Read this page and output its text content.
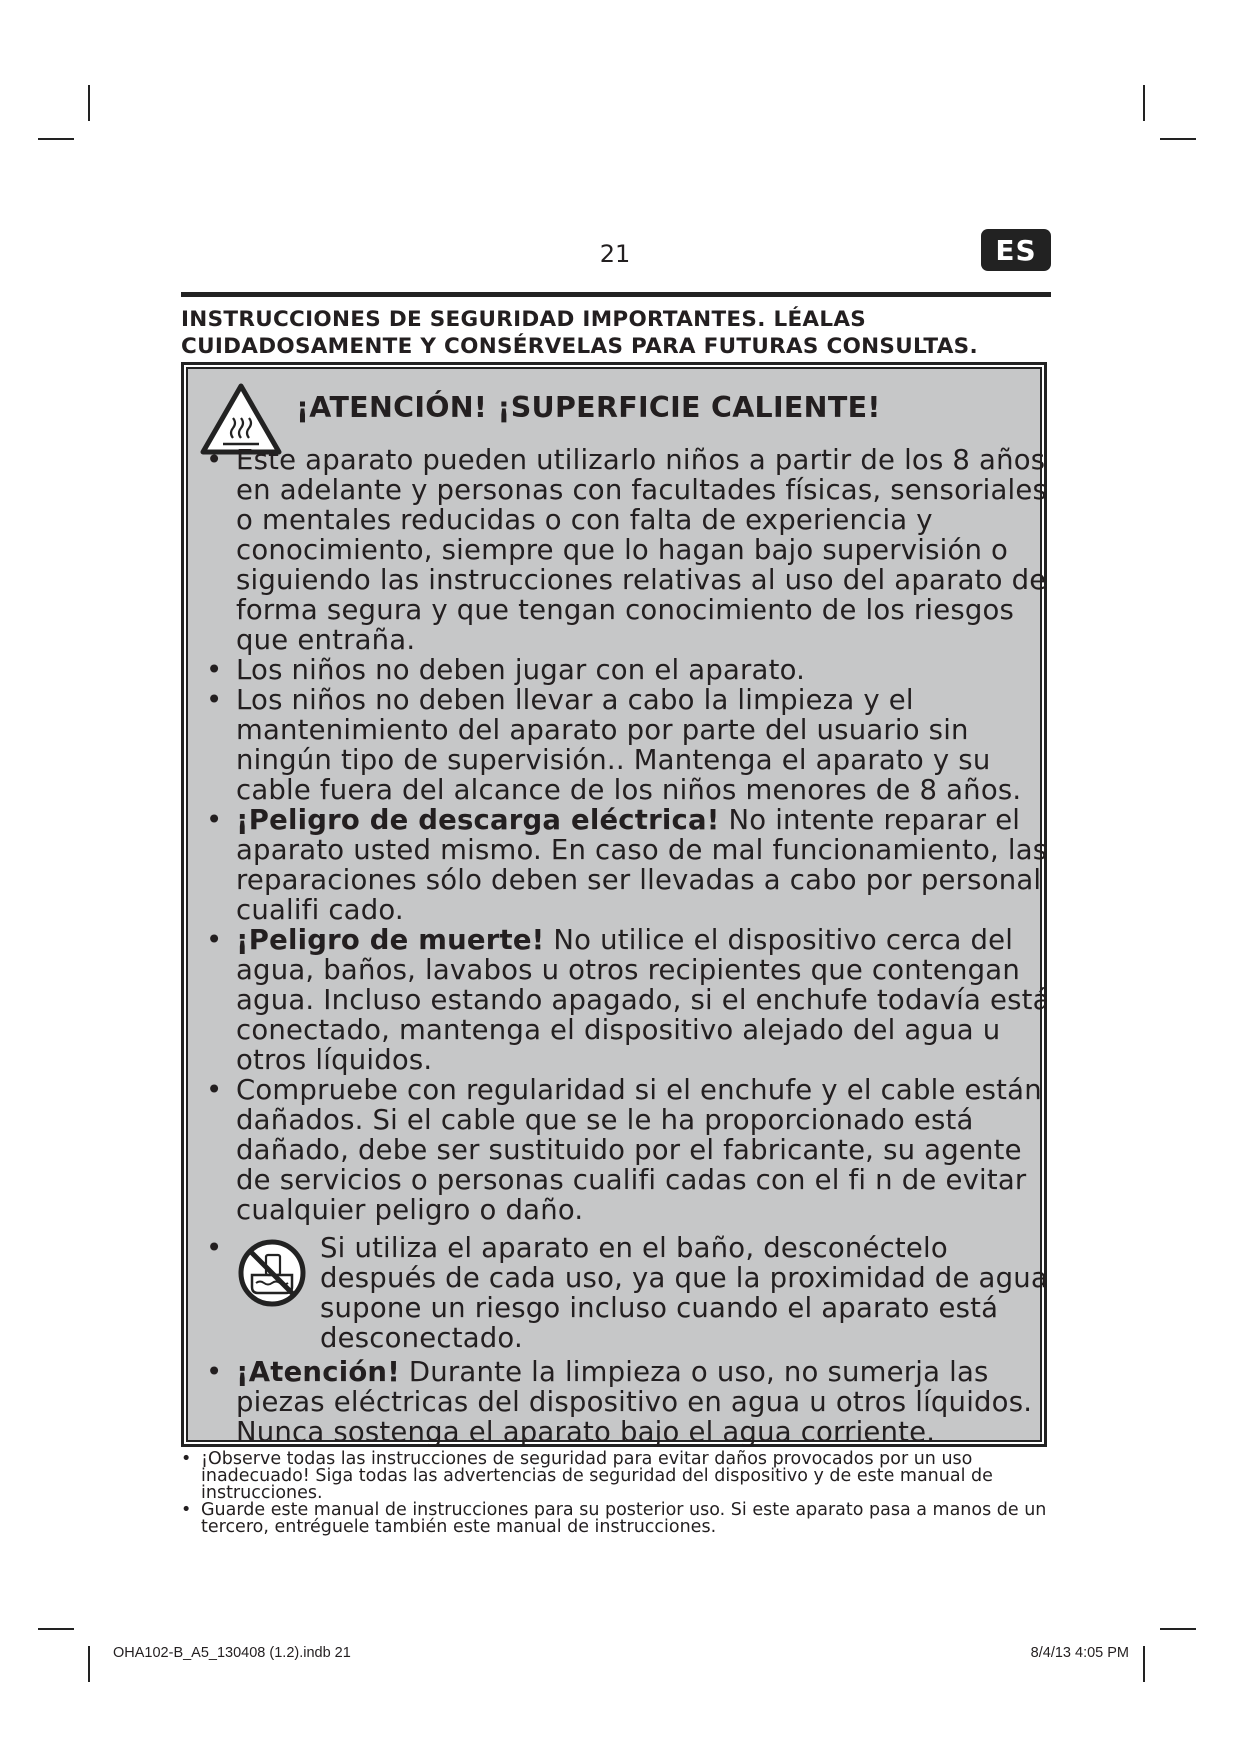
21	ES
INSTRUCCIONES DE SEGURIDAD IMPORTANTES. LÉALAS
CUIDADOSAMENTE Y CONSÉRVELAS PARA FUTURAS CONSULTAS.
¡ATENCIÓN! ¡SUPERFICIE CALIENTE!
• Este aparato pueden utilizarlo niños a partir de los 8 años en adelante y personas con facultades físicas, sensoriales o mentales reducidas o con falta de experiencia y conocimiento, siempre que lo hagan bajo supervisión o siguiendo las instrucciones relativas al uso del aparato de forma segura y que tengan conocimiento de los riesgos que entraña.
• Los niños no deben jugar con el aparato.
• Los niños no deben llevar a cabo la limpieza y el mantenimiento del aparato por parte del usuario sin ningún tipo de supervisión.. Mantenga el aparato y su cable fuera del alcance de los niños menores de 8 años.
• ¡Peligro de descarga eléctrica! No intente reparar el aparato usted mismo. En caso de mal funcionamiento, las reparaciones sólo deben ser llevadas a cabo por personal cualifi cado.
• ¡Peligro de muerte! No utilice el dispositivo cerca del agua, baños, lavabos u otros recipientes que contengan agua. Incluso estando apagado, si el enchufe todavía está conectado, mantenga el dispositivo alejado del agua u otros líquidos.
• Compruebe con regularidad si el enchufe y el cable están dañados. Si el cable que se le ha proporcionado está dañado, debe ser sustituido por el fabricante, su agente de servicios o personas cualifi cadas con el fi n de evitar cualquier peligro o daño.
• Si utiliza el aparato en el baño, desconéctelo después de cada uso, ya que la proximidad de agua supone un riesgo incluso cuando el aparato está desconectado.
• ¡Atención! Durante la limpieza o uso, no sumerja las piezas eléctricas del dispositivo en agua u otros líquidos. Nunca sostenga el aparato bajo el agua corriente.
• ¡Observe todas las instrucciones de seguridad para evitar daños provocados por un uso inadecuado! Siga todas las advertencias de seguridad del dispositivo y de este manual de instrucciones.
• Guarde este manual de instrucciones para su posterior uso. Si este aparato pasa a manos de un tercero, entréguele también este manual de instrucciones.
OHA102-B_A5_130408 (1.2).indb 21	8/4/13 4:05 PM
